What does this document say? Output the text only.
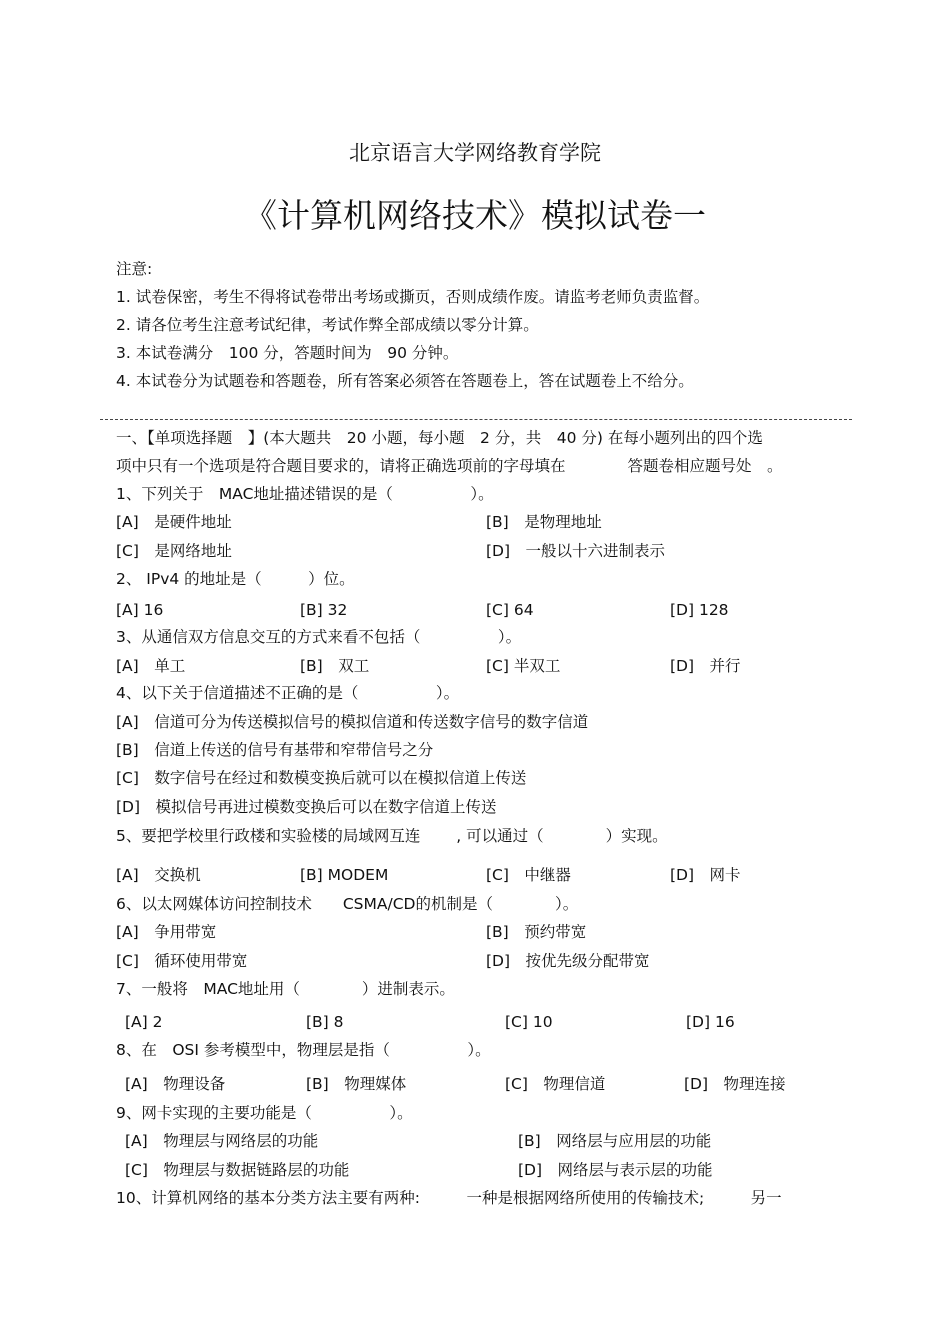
北京语言大学网络教育学院
《计算机网络技术》模拟试卷一
注意:
1. 试卷保密，考生不得将试卷带出考场或撕页，否则成绩作废。请监考老师负责监督。
2. 请各位考生注意考试纪律，考试作弊全部成绩以零分计算。
3. 本试卷满分　100 分，答题时间为　90 分钟。
4. 本试卷分为试题卷和答题卷，所有答案必须答在答题卷上，答在试题卷上不给分。
一、【单项选择题　】(本大题共　20 小题，每小题　2 分，共　40 分) 在每小题列出的四个选
项中只有一个选项是符合题目要求的，请将正确选项前的字母填在　　　　答题卷相应题号处　。
1、下列关于　MAC地址描述错误的是（　　　　　）。
[A]　是硬件地址	[B]　是物理地址
[C]　是网络地址	[D]　一般以十六进制表示
2、 IPv4 的地址是（　　　）位。
[A] 16	[B] 32	[C] 64	[D] 128
3、从通信双方信息交互的方式来看不包括（　　　　　）。
[A]　单工	[B]　双工	[C] 半双工	[D]　并行
4、以下关于信道描述不正确的是（　　　　　）。
[A]　信道可分为传送模拟信号的模拟信道和传送数字信号的数字信道
[B]　信道上传送的信号有基带和窄带信号之分
[C]　数字信号在经过和数模变换后就可以在模拟信道上传送
[D]　模拟信号再进过模数变换后可以在数字信道上传送
5、要把学校里行政楼和实验楼的局域网互连　　 , 可以通过（　　　　）实现。
[A]　交换机	[B] MODEM	[C]　中继器	[D]　网卡
6、以太网媒体访问控制技术　　CSMA/CD的机制是（　　　　）。
[A]　争用带宽	[B]　预约带宽
[C]　循环使用带宽	[D]　按优先级分配带宽
7、一般将　MAC地址用（　　　　）进制表示。
[A] 2	[B] 8	[C] 10	[D] 16
8、在　OSI 参考模型中，物理层是指（　　　　　）。
[A]　物理设备	[B]　物理媒体	[C]　物理信道	[D]　物理连接
9、网卡实现的主要功能是（　　　　　）。
[A]　物理层与网络层的功能	[B]　网络层与应用层的功能
[C]　物理层与数据链路层的功能	[D]　网络层与表示层的功能
10、计算机网络的基本分类方法主要有两种:　　　一种是根据网络所使用的传输技术;　　　另一
